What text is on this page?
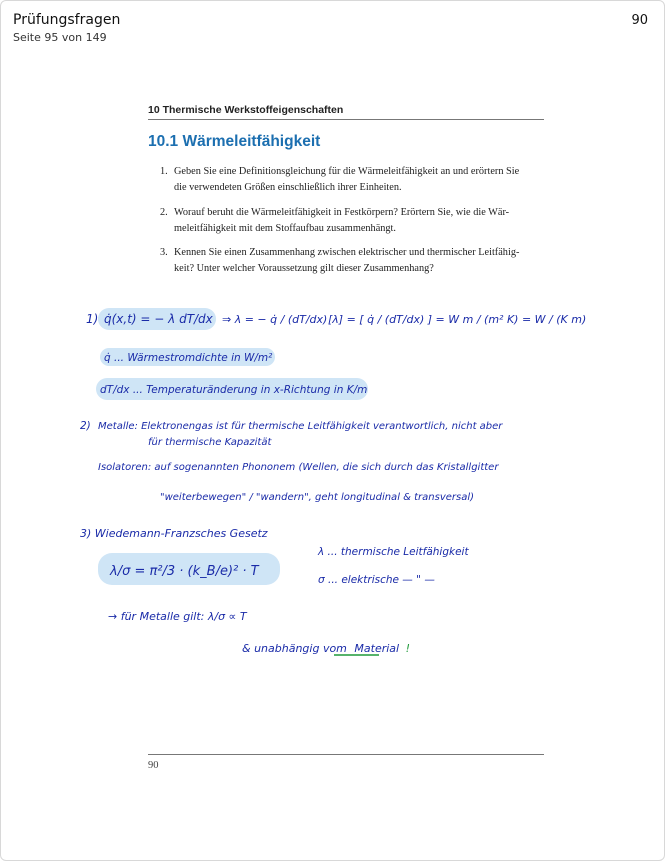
Prüfungsfragen
Seite 95 von 149
90
10 Thermische Werkstoffeigenschaften
10.1 Wärmeleitfähigkeit
1. Geben Sie eine Definitionsgleichung für die Wärmeleitfähigkeit an und erörtern Sie
die verwendeten Größen einschließlich ihrer Einheiten.
2. Worauf beruht die Wärmeleitfähigkeit in Festkörpern? Erörtern Sie, wie die Wär-
meleitfähigkeit mit dem Stoffaufbau zusammenhängt.
3. Kennen Sie einen Zusammenhang zwischen elektrischer und thermischer Leitfähig-
keit? Unter welcher Voraussetzung gilt dieser Zusammenhang?
1) q̇(x,t) = − λ dT/dx ⇒ λ = − q̇ / (dT/dx) [λ] = [ q̇ / (dT/dx) ] = W m / (m² K) = W / (K m)
q̇ ... Wärmestromdichte in W/m²
dT/dx ... Temperaturänderung in x-Richtung in K/m
2) Metalle: Elektronengas ist für thermische Leitfähigkeit verantwortlich, nicht aber
für thermische Kapazität
Isolatoren: auf sogenannten Phononem (Wellen, die sich durch das Kristallgitter
"weiterbewegen" / "wandern", geht longitudinal & transversal)
3) Wiedemann-Franzsches Gesetz
λ/σ = π²/3 · (k_B/e)² · T
λ ... thermische Leitfähigkeit
σ ... elektrische — " —
→ für Metalle gilt: λ/σ ∝ T
& unabhängig vom Material !
90
